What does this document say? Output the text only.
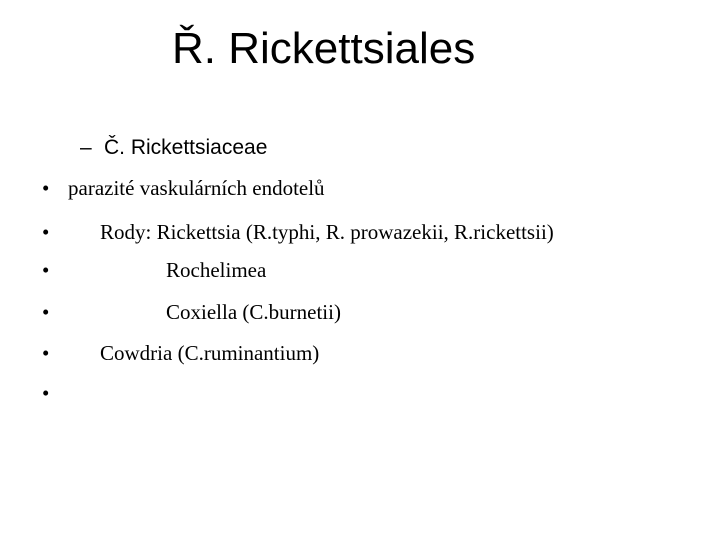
Ř. Rickettsiales
– Č. Rickettsiaceae
• parazité vaskulárních endotelů
• Rody: Rickettsia (R.typhi, R. prowazekii, R.rickettsii)
•	Rochelimea
•	Coxiella (C.burnetii)
• Cowdria (C.ruminantium)
•
